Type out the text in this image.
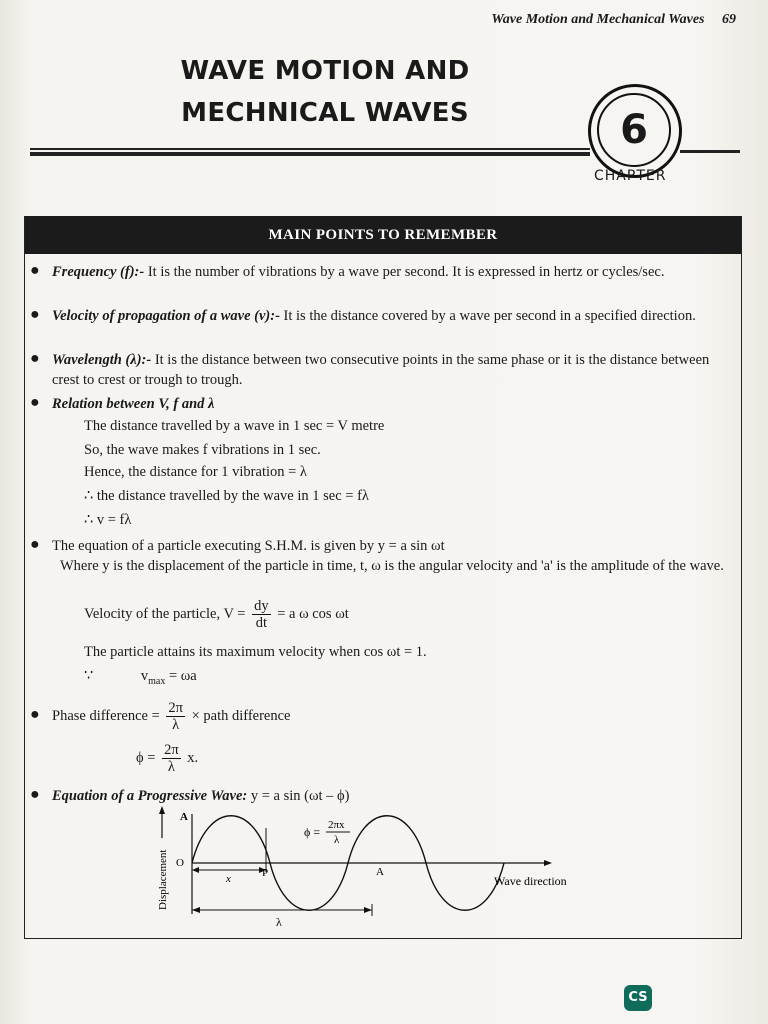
Wave Motion and Mechanical Waves 69
WAVE MOTION AND
MECHNICAL WAVES	6
CHAPTER
MAIN POINTS TO REMEMBER
● Frequency (f):- It is the number of vibrations by a wave per second. It is expressed in hertz or cycles/sec.
● Velocity of propagation of a wave (v):- It is the distance covered by a wave per second in a specified direction.
● Wavelength (λ):- It is the distance between two consecutive points in the same phase or it is the distance between crest to crest or trough to trough.
● Relation between V, f and λ
The distance travelled by a wave in 1 sec = V metre
So, the wave makes f vibrations in 1 sec.
Hence, the distance for 1 vibration = λ
∴ the distance travelled by the wave in 1 sec = fλ
∴ v = fλ
● The equation of a particle executing S.H.M. is given by y = a sin ωt
Where y is the displacement of the particle in time, t, ω is the angular velocity and 'a' is the amplitude of the wave.
Velocity of the particle, $V = \frac{dy}{dt} = a$ ω cos ωt
The particle attains its maximum velocity when cos ωt = 1.
∵	$v_{max} = \omega a$
● Phase difference = $\frac{2\pi}{\lambda}$ × path difference
$\phi = \frac{2\pi}{\lambda} x$.
● Equation of a Progressive Wave: y = a sin (ωt – ϕ)
Displacement
A
O
x	P	A
Wave direction
ϕ = 2πx
λ
λ
CS
